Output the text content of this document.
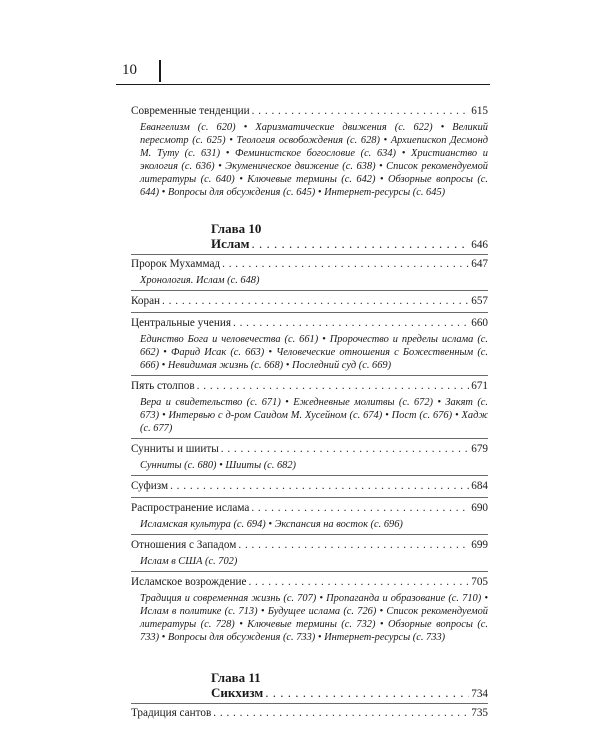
10
Современные тенденции . . .	615
Евангелизм (с. 620) • Харизматические движения (с. 622) • Великий пересмотр (с. 625) • Теология освобождения (с. 628) • Архиепископ Десмонд М. Туту (с. 631) • Феминистское богословие (с. 634) • Христианство и экология (с. 636) • Экуменическое движение (с. 638) • Список рекомендуемой литературы (с. 640) • Ключевые термины (с. 642) • Обзорные вопросы (с. 644) • Вопросы для обсуждения (с. 645) • Интернет-ресурсы (с. 645)
Глава 10
Ислам . . .	646
Пророк Мухаммад . . .	647
Хронология. Ислам (с. 648)
Коран . . .	657
Центральные учения . . .	660
Единство Бога и человечества (с. 661) • Пророчество и пределы ислама (с. 662) • Фарид Исак (с. 663) • Человеческие отношения с Божественным (с. 666) • Невидимая жизнь (с. 668) • Последний суд (с. 669)
Пять столпов . . .	671
Вера и свидетельство (с. 671) • Ежедневные молитвы (с. 672) • Закят (с. 673) • Интервью с д-ром Саидом М. Хусейном (с. 674) • Пост (с. 676) • Хадж (с. 677)
Сунниты и шииты . . .	679
Сунниты (с. 680) • Шииты (с. 682)
Суфизм . . .	684
Распространение ислама . . .	690
Исламская культура (с. 694) • Экспансия на восток (с. 696)
Отношения с Западом . . .	699
Ислам в США (с. 702)
Исламское возрождение . . .	705
Традиция и современная жизнь (с. 707) • Пропаганда и образование (с. 710) • Ислам в политике (с. 713) • Будущее ислама (с. 726) • Список рекомендуемой литературы (с. 728) • Ключевые термины (с. 732) • Обзорные вопросы (с. 733) • Вопросы для обсуждения (с. 733) • Интернет-ресурсы (с. 733)
Глава 11
Сикхизм . . .	734
Традиция сантов . . .	735
